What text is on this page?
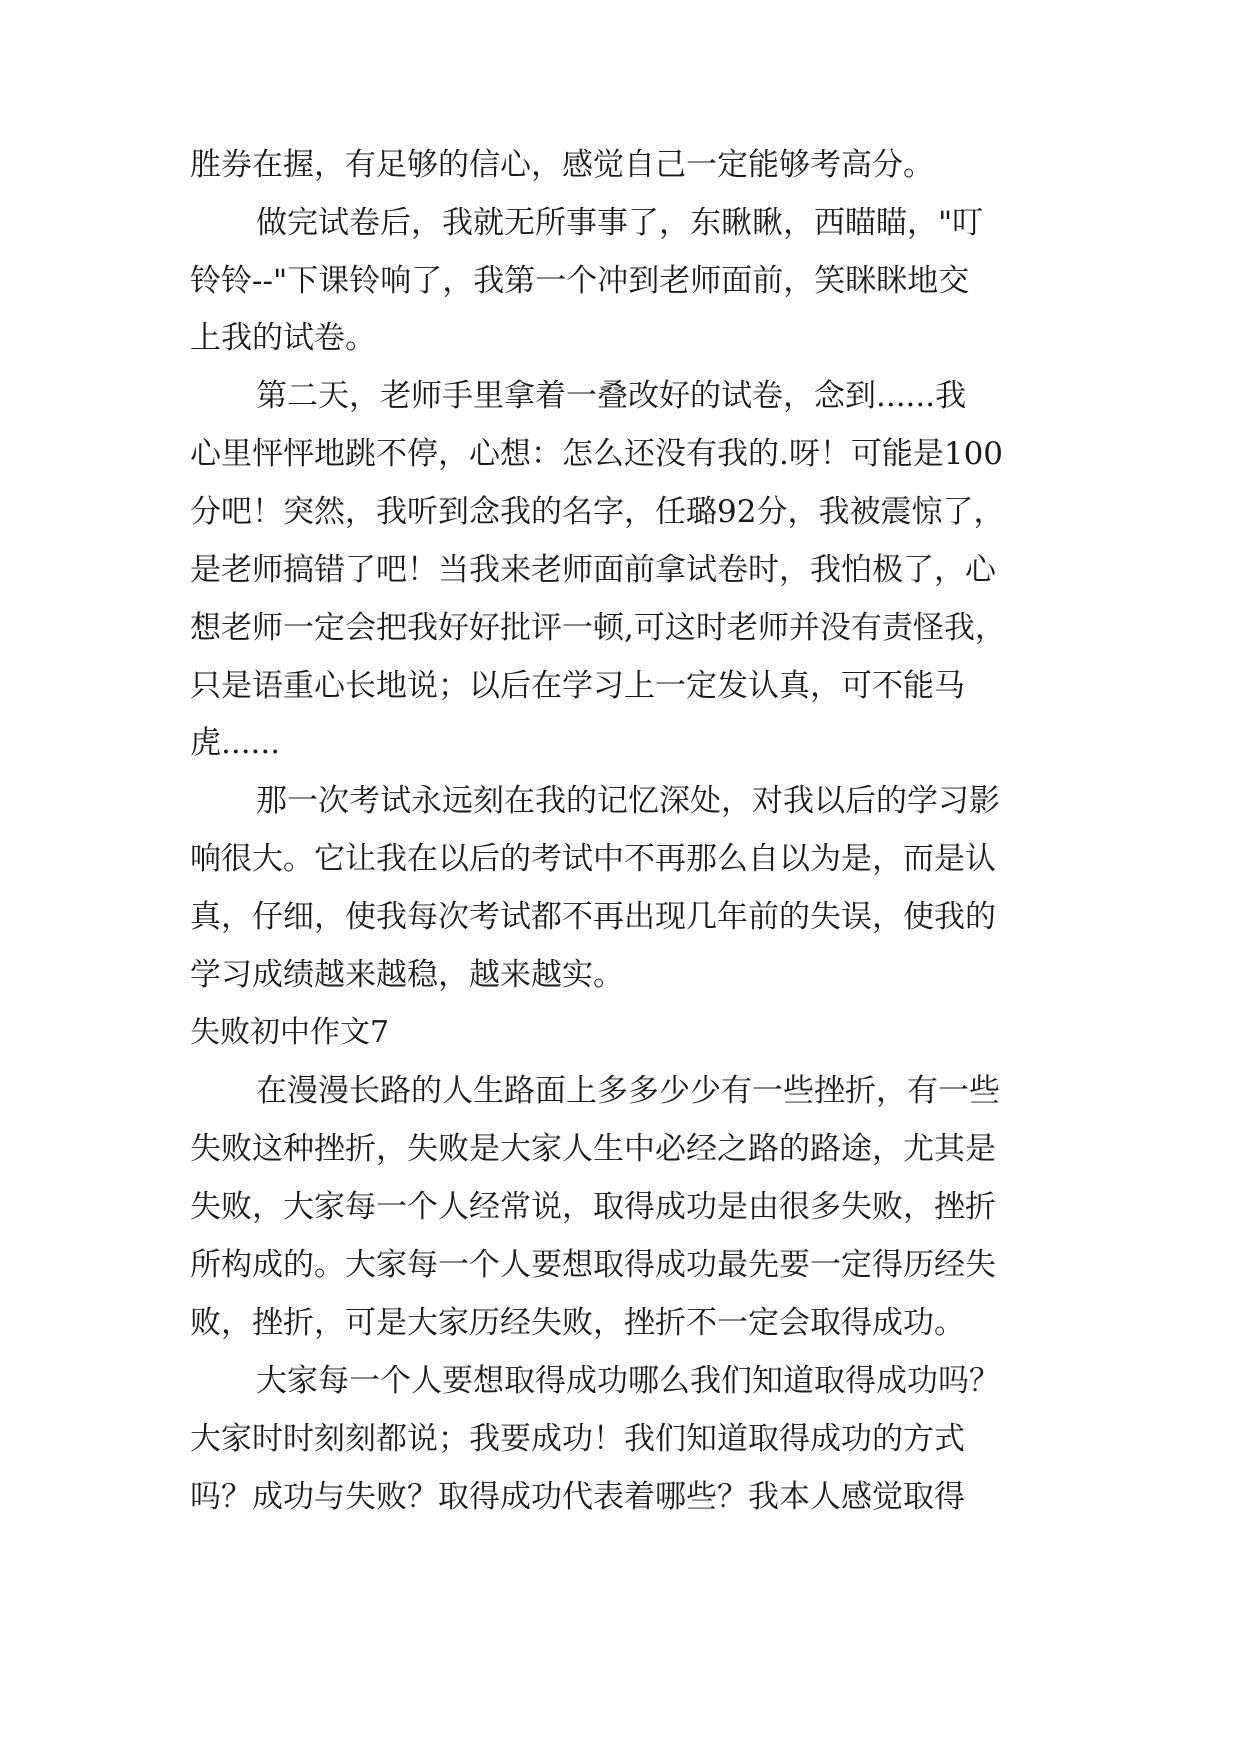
胜券在握，有足够的信心，感觉自己一定能够考高分。
做完试卷后，我就无所事事了，东瞅瞅，西瞄瞄，"叮
铃铃--"下课铃响了，我第一个冲到老师面前，笑眯眯地交
上我的试卷。
第二天，老师手里拿着一叠改好的试卷，念到......我
心里怦怦地跳不停，心想：怎么还没有我的.呀！可能是100
分吧！突然，我听到念我的名字，任璐92分，我被震惊了，
是老师搞错了吧！当我来老师面前拿试卷时，我怕极了，心
想老师一定会把我好好批评一顿,可这时老师并没有责怪我，
只是语重心长地说；以后在学习上一定发认真，可不能马
虎......
那一次考试永远刻在我的记忆深处，对我以后的学习影
响很大。它让我在以后的考试中不再那么自以为是，而是认
真，仔细，使我每次考试都不再出现几年前的失误，使我的
学习成绩越来越稳，越来越实。
失败初中作文7
在漫漫长路的人生路面上多多少少有一些挫折，有一些
失败这种挫折，失败是大家人生中必经之路的路途，尤其是
失败，大家每一个人经常说，取得成功是由很多失败，挫折
所构成的。大家每一个人要想取得成功最先要一定得历经失
败，挫折，可是大家历经失败，挫折不一定会取得成功。
大家每一个人要想取得成功哪么我们知道取得成功吗？
大家时时刻刻都说；我要成功！我们知道取得成功的方式
吗？成功与失败？取得成功代表着哪些？我本人感觉取得
